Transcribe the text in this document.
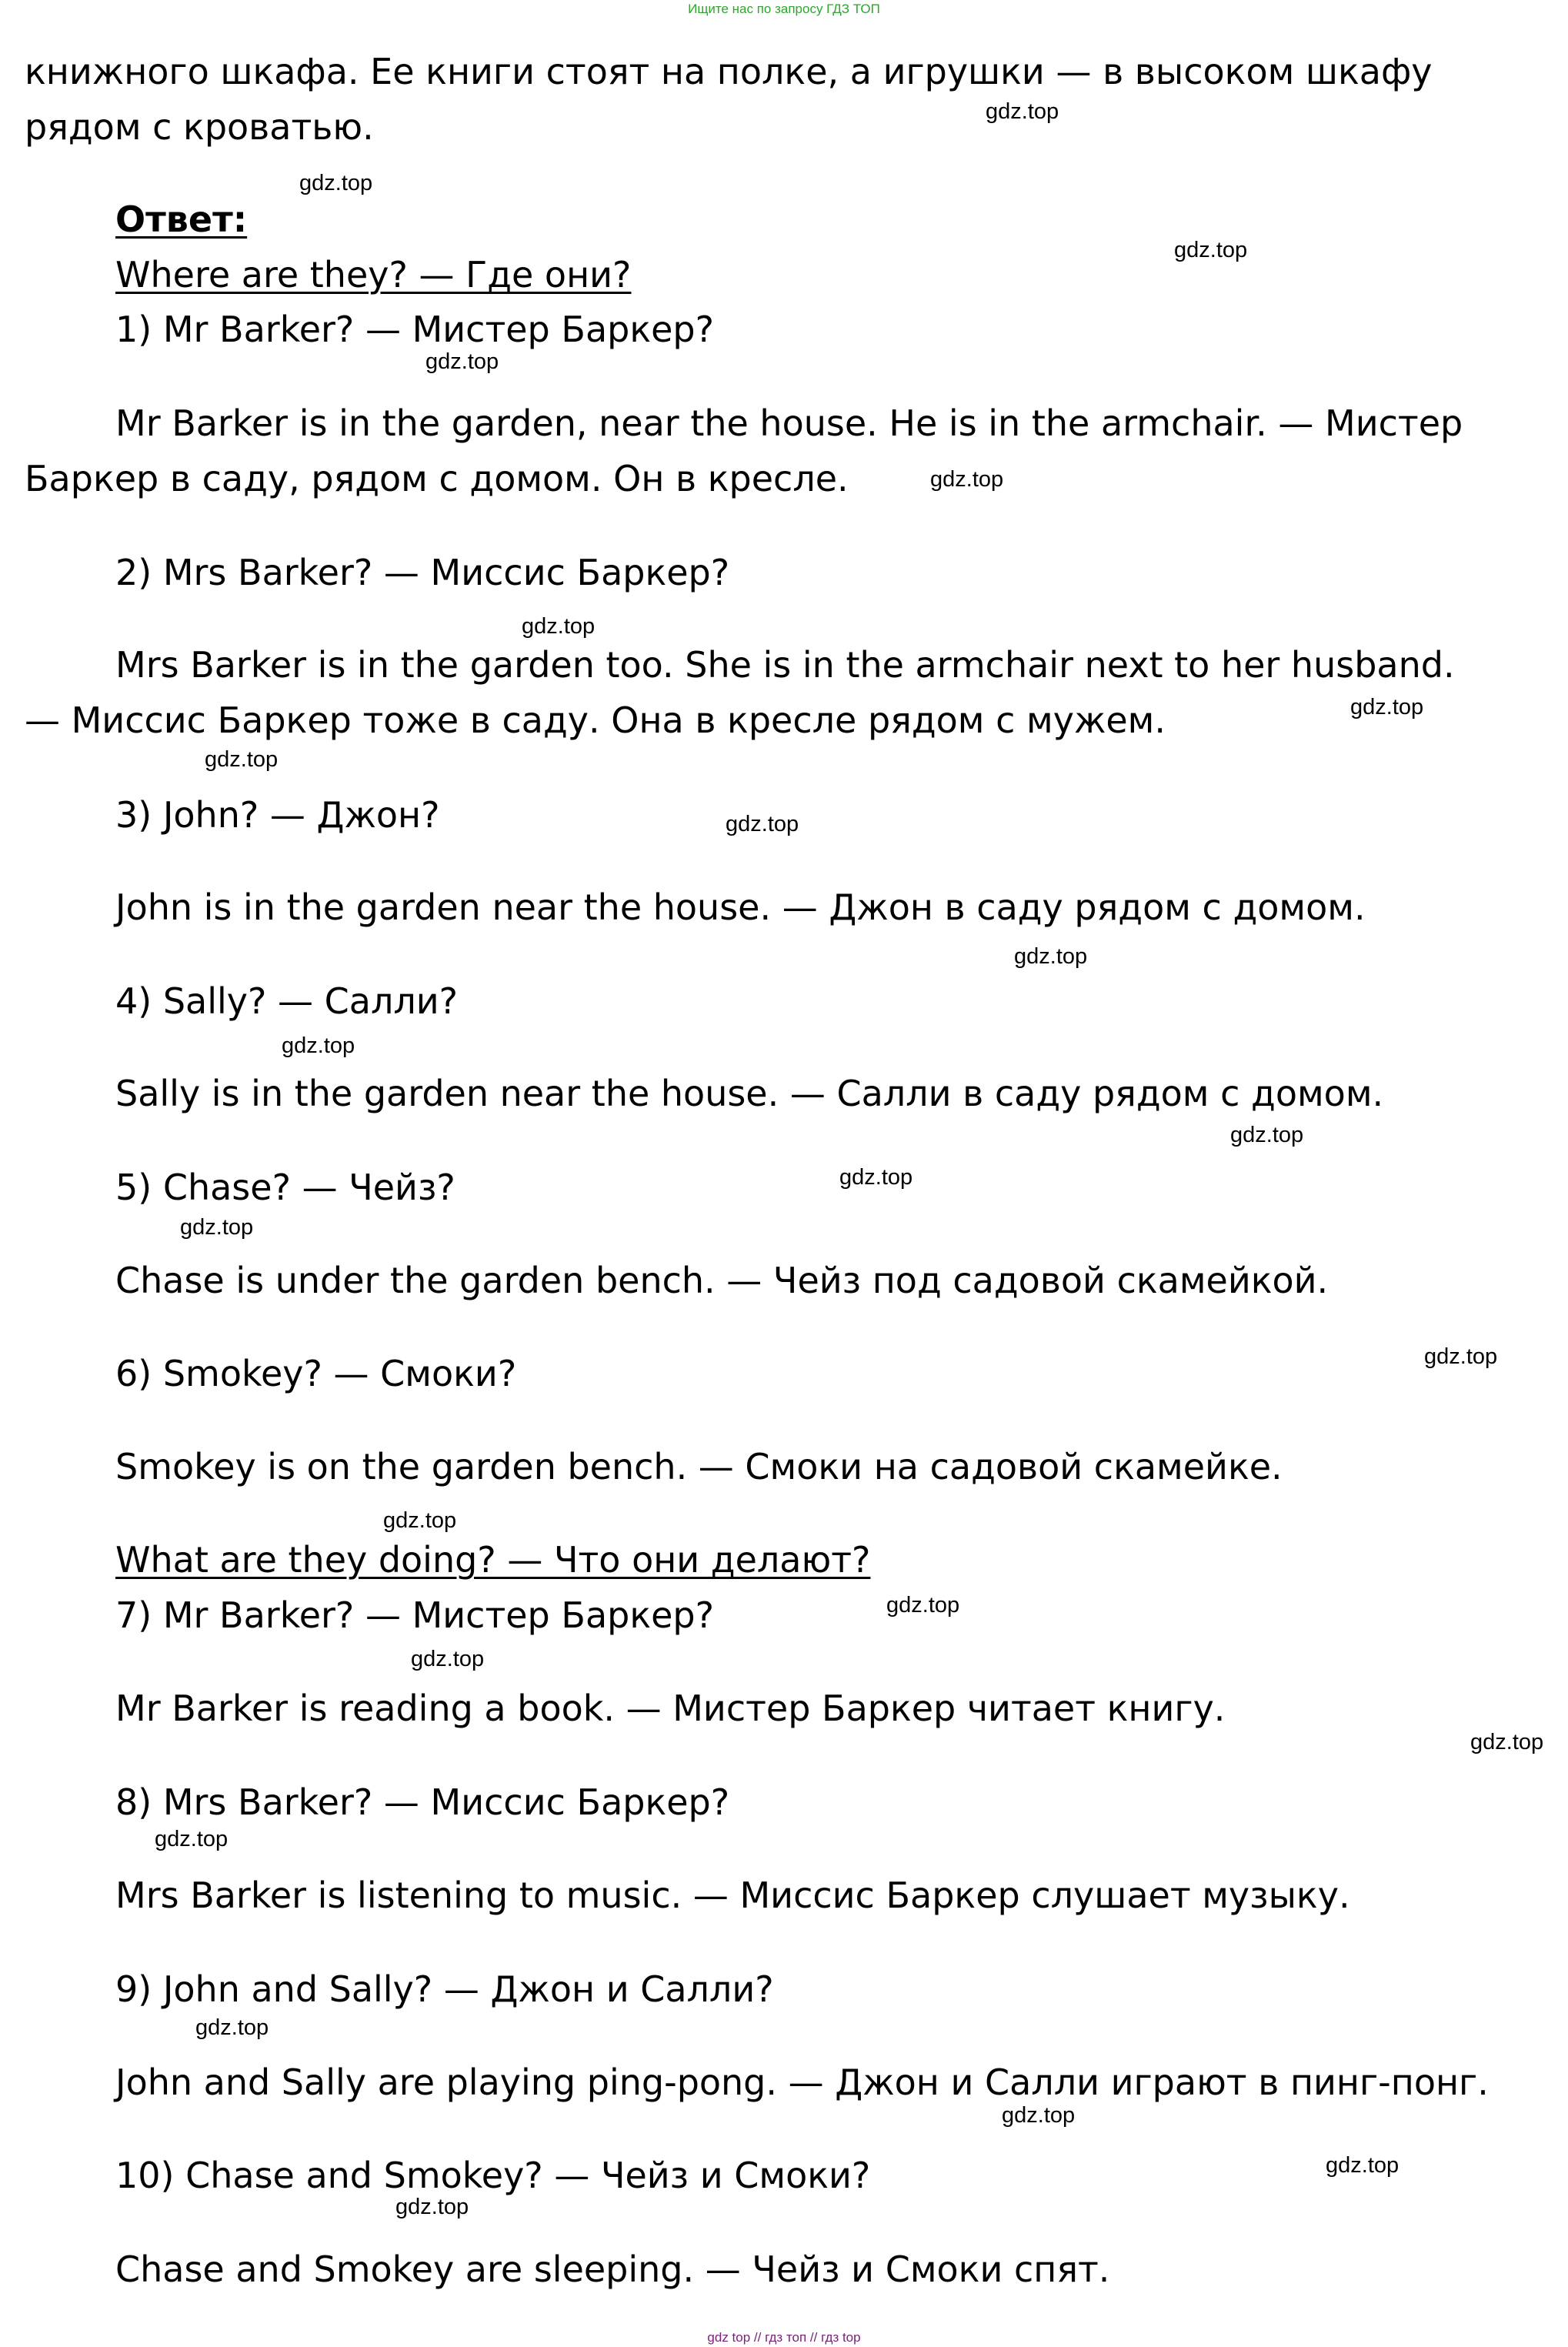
Ищите нас по запросу ГДЗ ТОП
книжного шкафа. Ее книги стоят на полке, а игрушки — в высоком шкафу
рядом с кроватью.
Ответ:
Where are they? — Где они?
1) Mr Barker? — Мистер Баркер?
Mr Barker is in the garden, near the house. He is in the armchair. — Мистер
Баркер в саду, рядом с домом. Он в кресле.
2) Mrs Barker? — Миссис Баркер?
Mrs Barker is in the garden too. She is in the armchair next to her husband.
— Миссис Баркер тоже в саду. Она в кресле рядом с мужем.
3) John? — Джон?
John is in the garden near the house. — Джон в саду рядом с домом.
4) Sally? — Салли?
Sally is in the garden near the house. — Салли в саду рядом с домом.
5) Chase? — Чейз?
Chase is under the garden bench. — Чейз под садовой скамейкой.
6) Smokey? — Смоки?
Smokey is on the garden bench. — Смоки на садовой скамейке.
What are they doing? — Что они делают?
7) Mr Barker? — Мистер Баркер?
Mr Barker is reading a book. — Мистер Баркер читает книгу.
8) Mrs Barker? — Миссис Баркер?
Mrs Barker is listening to music. — Миссис Баркер слушает музыку.
9) John and Sally? — Джон и Салли?
John and Sally are playing ping-pong. — Джон и Салли играют в пинг-понг.
10) Chase and Smokey? — Чейз и Смоки?
Chase and Smokey are sleeping. — Чейз и Смоки спят.
gdz.top
gdz.top
gdz.top
gdz.top
gdz.top
gdz.top
gdz.top
gdz.top
gdz.top
gdz.top
gdz.top
gdz.top
gdz.top
gdz.top
gdz.top
gdz.top
gdz.top
gdz.top
gdz.top
gdz.top
gdz.top
gdz.top
gdz.top
gdz.top
gdz top // гдз топ // гдз top
